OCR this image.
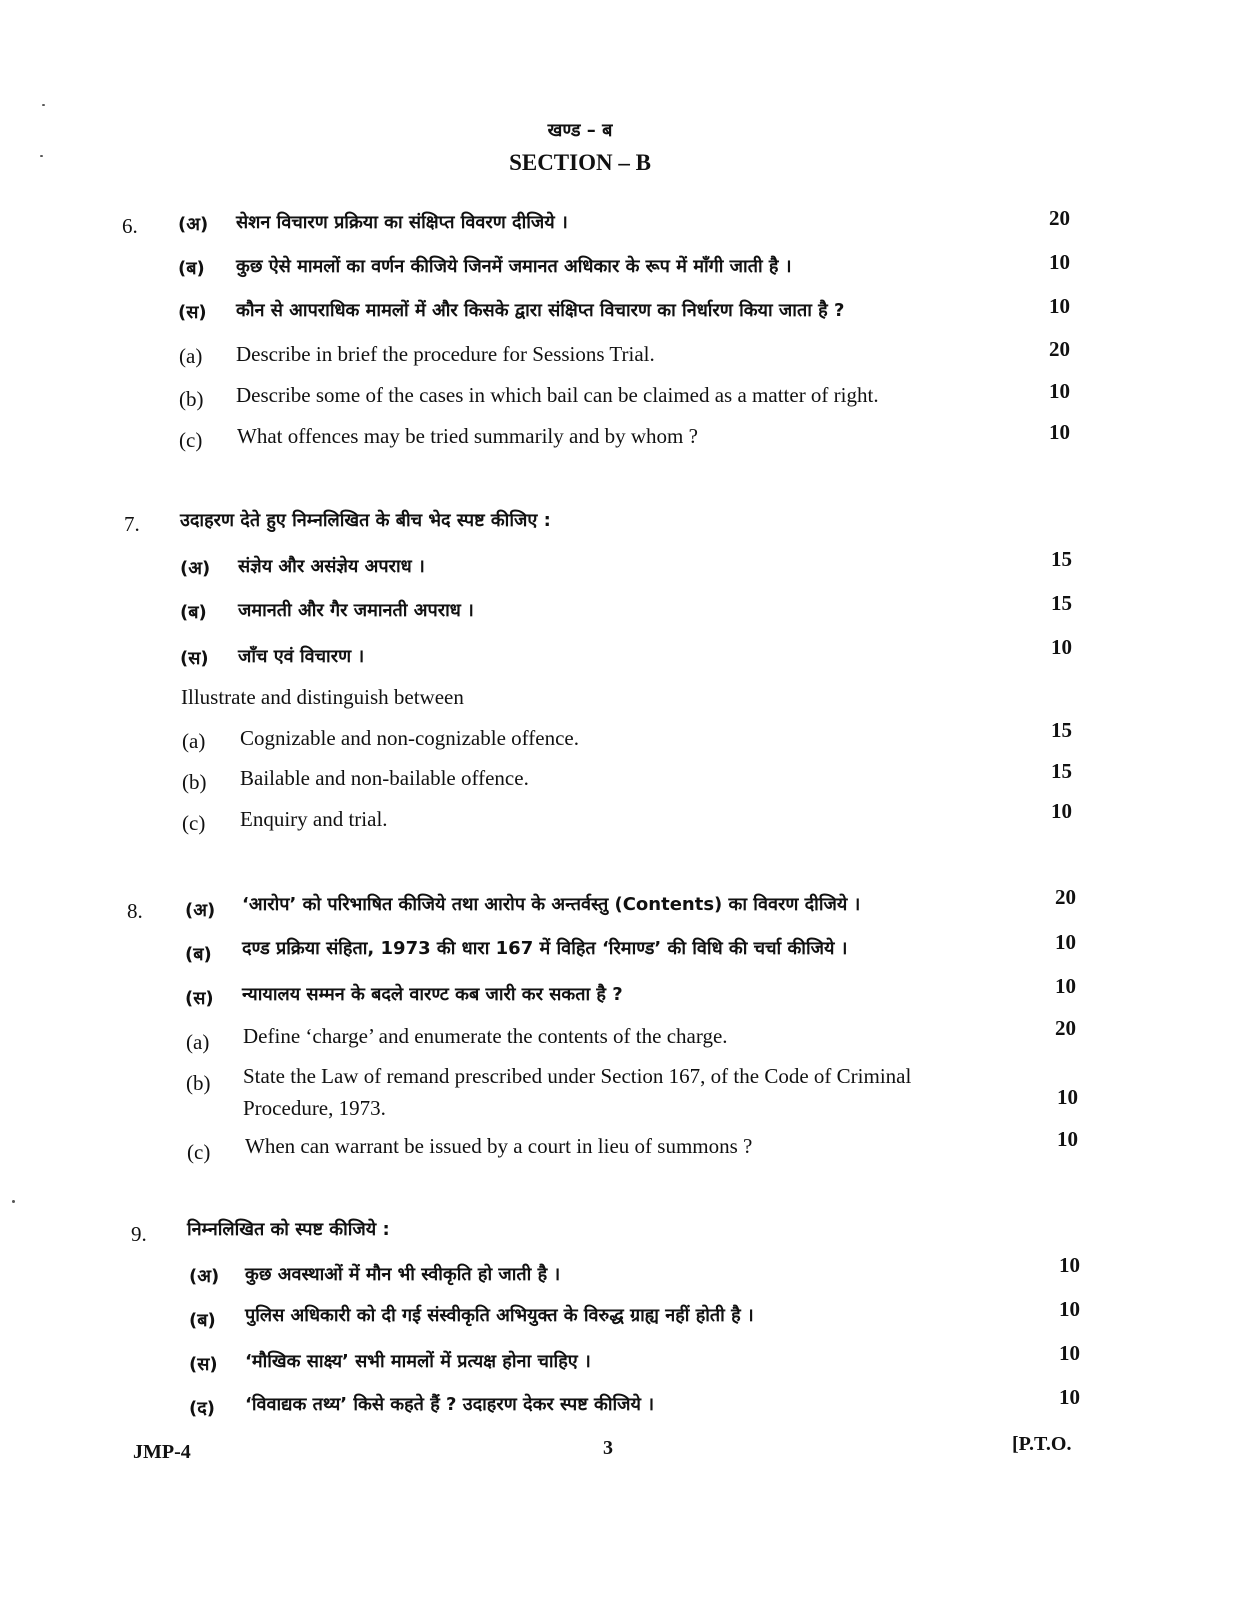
खण्ड – ब
SECTION – B
6. (अ) सेशन विचारण प्रक्रिया का संक्षिप्त विवरण दीजिये ।	20
(ब) कुछ ऐसे मामलों का वर्णन कीजिये जिनमें जमानत अधिकार के रूप में माँगी जाती है ।	10
(स) कौन से आपराधिक मामलों में और किसके द्वारा संक्षिप्त विचारण का निर्धारण किया जाता है ?	10
(a) Describe in brief the procedure for Sessions Trial.	20
(b) Describe some of the cases in which bail can be claimed as a matter of right.	10
(c) What offences may be tried summarily and by whom ?	10
7. उदाहरण देते हुए निम्नलिखित के बीच भेद स्पष्ट कीजिए :
(अ) संज्ञेय और असंज्ञेय अपराध ।	15
(ब) जमानती और गैर जमानती अपराध ।	15
(स) जाँच एवं विचारण ।	10
Illustrate and distinguish between
(a) Cognizable and non-cognizable offence.	15
(b) Bailable and non-bailable offence.	15
(c) Enquiry and trial.	10
8. (अ) ‘आरोप’ को परिभाषित कीजिये तथा आरोप के अन्तर्वस्तु (Contents) का विवरण दीजिये ।	20
(ब) दण्ड प्रक्रिया संहिता, 1973 की धारा 167 में विहित ‘रिमाण्ड’ की विधि की चर्चा कीजिये ।	10
(स) न्यायालय सम्मन के बदले वारण्ट कब जारी कर सकता है ?	10
(a) Define ‘charge’ and enumerate the contents of the charge.	20
(b) State the Law of remand prescribed under Section 167, of the Code of Criminal
Procedure, 1973.	10
(c) When can warrant be issued by a court in lieu of summons ?	10
9. निम्नलिखित को स्पष्ट कीजिये :
(अ) कुछ अवस्थाओं में मौन भी स्वीकृति हो जाती है ।	10
(ब) पुलिस अधिकारी को दी गई संस्वीकृति अभियुक्त के विरुद्ध ग्राह्य नहीं होती है ।	10
(स) ‘मौखिक साक्ष्य’ सभी मामलों में प्रत्यक्ष होना चाहिए ।	10
(द) ‘विवाद्यक तथ्य’ किसे कहते हैं ? उदाहरण देकर स्पष्ट कीजिये ।	10
JMP-4	3	[P.T.O.
